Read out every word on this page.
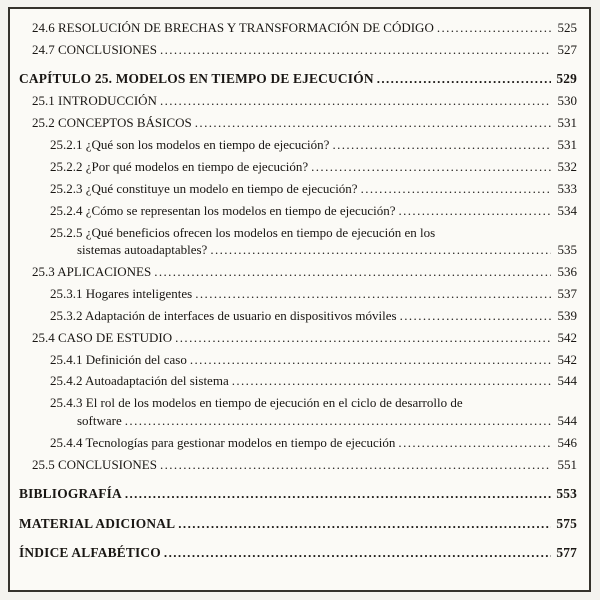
24.6 RESOLUCIÓN DE BRECHAS Y TRANSFORMACIÓN DE CÓDIGO .....	525
24.7 CONCLUSIONES .....	527
CAPÍTULO 25. MODELOS EN TIEMPO DE EJECUCIÓN .....	529
25.1 INTRODUCCIÓN .....	530
25.2 CONCEPTOS BÁSICOS .....	531
25.2.1 ¿Qué son los modelos en tiempo de ejecución? .....	531
25.2.2 ¿Por qué modelos en tiempo de ejecución? .....	532
25.2.3 ¿Qué constituye un modelo en tiempo de ejecución? .....	533
25.2.4 ¿Cómo se representan los modelos en tiempo de ejecución? .....	534
25.2.5 ¿Qué beneficios ofrecen los modelos en tiempo de ejecución en los
sistemas autoadaptables? .....	535
25.3 APLICACIONES .....	536
25.3.1 Hogares inteligentes .....	537
25.3.2 Adaptación de interfaces de usuario en dispositivos móviles .....	539
25.4 CASO DE ESTUDIO .....	542
25.4.1 Definición del caso .....	542
25.4.2 Autoadaptación del sistema .....	544
25.4.3 El rol de los modelos en tiempo de ejecución en el ciclo de desarrollo de
software .....	544
25.4.4 Tecnologías para gestionar modelos en tiempo de ejecución .....	546
25.5 CONCLUSIONES .....	551
BIBLIOGRAFÍA .....	553
MATERIAL ADICIONAL .....	575
ÍNDICE ALFABÉTICO .....	577
